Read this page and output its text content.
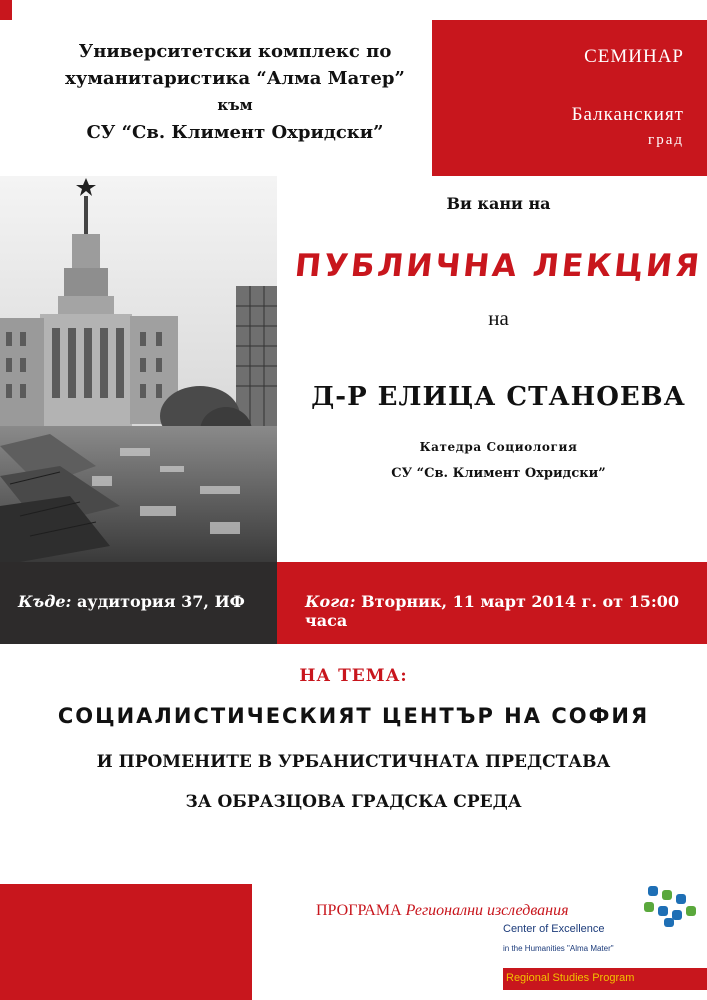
Университетски комплекс по
хуманитаристика “Алма Матер”
към
СУ “Св. Климент Охридски”
СЕМИНАР
Балканският
град
Ви кани на
ПУБЛИЧНА ЛЕКЦИЯ
на
Д-Р ЕЛИЦА СТАНОЕВА
Катедра Социология
СУ “Св. Климент Охридски”
Къде: аудитория 37, ИФ	Кога: Вторник, 11 март 2014 г. от 15:00 часа
НА ТЕМА:
СОЦИАЛИСТИЧЕСКИЯТ ЦЕНТЪР НА СОФИЯ
И ПРОМЕНИТЕ В УРБАНИСТИЧНАТА ПРЕДСТАВА
ЗА ОБРАЗЦОВА ГРАДСКА СРЕДА
ПРОГРАМА Регионални изследвания
Center of Excellence
in the Humanities "Alma Mater"
Regional Studies Program
